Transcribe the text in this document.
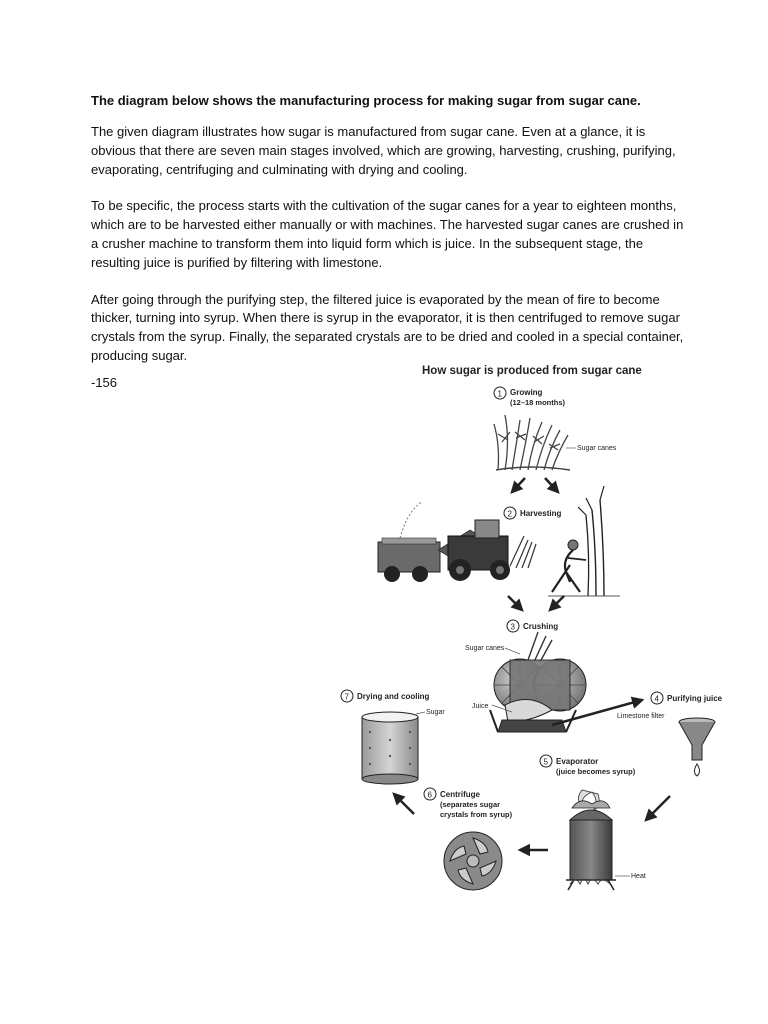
The diagram below shows the manufacturing process for making sugar from sugar cane.

The given diagram illustrates how sugar is manufactured from sugar cane. Even at a glance, it is obvious that there are seven main stages involved, which are growing, harvesting, crushing, purifying, evaporating, centrifuging and culminating with drying and cooling.

To be specific, the process starts with the cultivation of the sugar canes for a year to eighteen months, which are to be harvested either manually or with machines. The harvested sugar canes are crushed in a crusher machine to transform them into liquid form which is juice. In the subsequent stage, the resulting juice is purified by filtering with limestone.

After going through the purifying step, the filtered juice is evaporated by the mean of fire to become thicker, turning into syrup. When there is syrup in the evaporator, it is then centrifuged to remove sugar crystals from the syrup. Finally, the separated crystals are to be dried and cooled in a special container, producing sugar.

-156
How sugar is produced from sugar cane
1 Growing
(12–18 months)
Sugar canes
2 Harvesting
3 Crushing
Sugar canes
Juice
4 Purifying juice
Limestone filter
5 Evaporator
(juice becomes syrup)
Heat
6 Centrifuge
(separates sugar
crystals from syrup)
7 Drying and cooling
Sugar
